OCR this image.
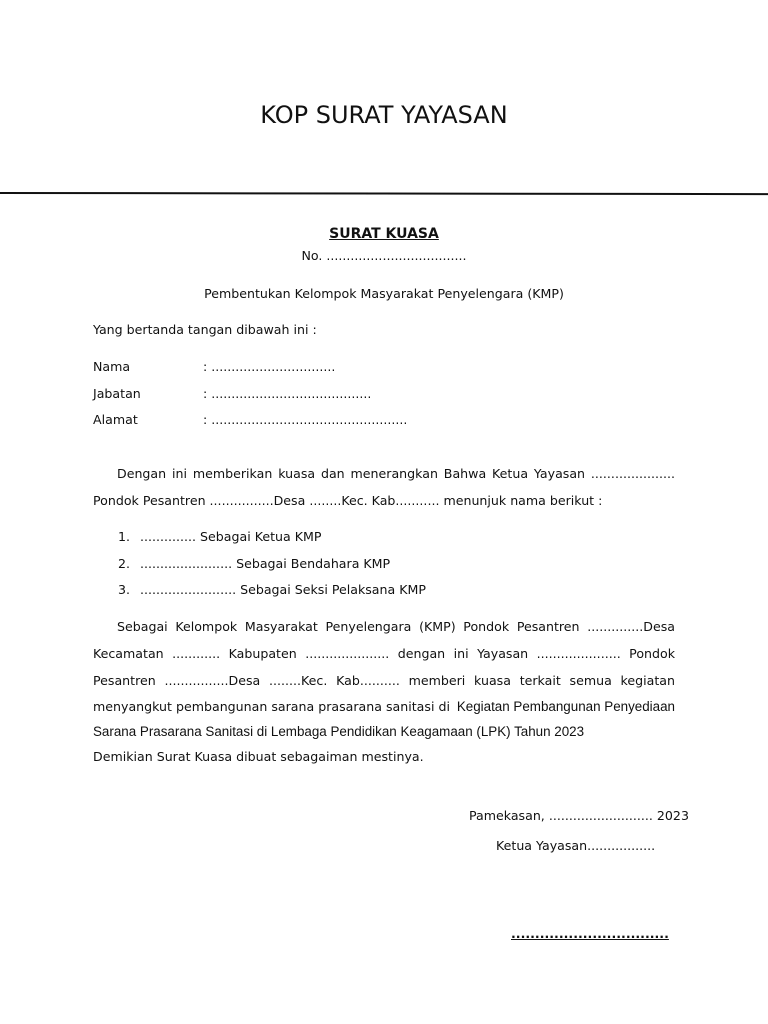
KOP SURAT YAYASAN
SURAT KUASA
No. ...................................
Pembentukan Kelompok Masyarakat Penyelengara (KMP)
Yang bertanda tangan dibawah ini :
Nama	: ...............................
Jabatan	: ........................................
Alamat	: .................................................
Dengan ini memberikan kuasa dan menerangkan Bahwa Ketua Yayasan .....................
Pondok Pesantren ................Desa ........Kec. Kab........... menunjuk nama berikut :
1. .............. Sebagai Ketua KMP
2. ....................... Sebagai Bendahara KMP
3. ........................ Sebagai Seksi Pelaksana KMP
Sebagai Kelompok Masyarakat Penyelengara (KMP) Pondok Pesantren ..............Desa
Kecamatan ............ Kabupaten ..................... dengan ini Yayasan ..................... Pondok
Pesantren ................Desa ........Kec. Kab.......... memberi kuasa terkait semua kegiatan
menyangkut pembangunan sarana prasarana sanitasi di Kegiatan Pembangunan Penyediaan
Sarana Prasarana Sanitasi di Lembaga Pendidikan Keagamaan (LPK) Tahun 2023
Demikian Surat Kuasa dibuat sebagaiman mestinya.
Pamekasan, .......................... 2023
Ketua Yayasan.................
.................................
